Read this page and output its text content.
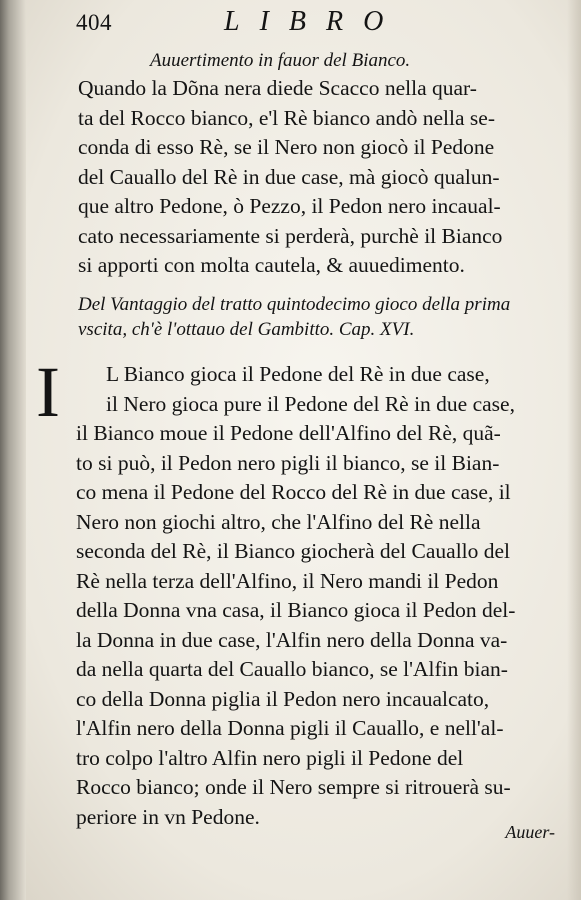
404	LIBRO
Auuertimento in fauor del Bianco.
Quando la Dõna nera diede Scacco nella quar-
ta del Rocco bianco, e'l Rè bianco andò nella se-
conda di esso Rè, se il Nero non giocò il Pedone
del Cauallo del Rè in due case, mà giocò qualun-
que altro Pedone, ò Pezzo, il Pedon nero incaual-
cato necessariamente si perderà, purchè il Bianco
si apporti con molta cautela, & auuedimento.
Del Vantaggio del tratto quintodecimo gioco della prima
vscita, ch'è l'ottauo del Gambitto. Cap. XVI.
I	L Bianco gioca il Pedone del Rè in due case,
il Nero gioca pure il Pedone del Rè in due case,
il Bianco moue il Pedone dell'Alfino del Rè, quã-
to si può, il Pedon nero pigli il bianco, se il Bian-
co mena il Pedone del Rocco del Rè in due case, il
Nero non giochi altro, che l'Alfino del Rè nella
seconda del Rè, il Bianco giocherà del Cauallo del
Rè nella terza dell'Alfino, il Nero mandi il Pedon
della Donna vna casa, il Bianco gioca il Pedon del-
la Donna in due case, l'Alfin nero della Donna va-
da nella quarta del Cauallo bianco, se l'Alfin bian-
co della Donna piglia il Pedon nero incaualcato,
l'Alfin nero della Donna pigli il Cauallo, e nell'al-
tro colpo l'altro Alfin nero pigli il Pedone del
Rocco bianco; onde il Nero sempre si ritrouerà su-
periore in vn Pedone.
Auuer-
